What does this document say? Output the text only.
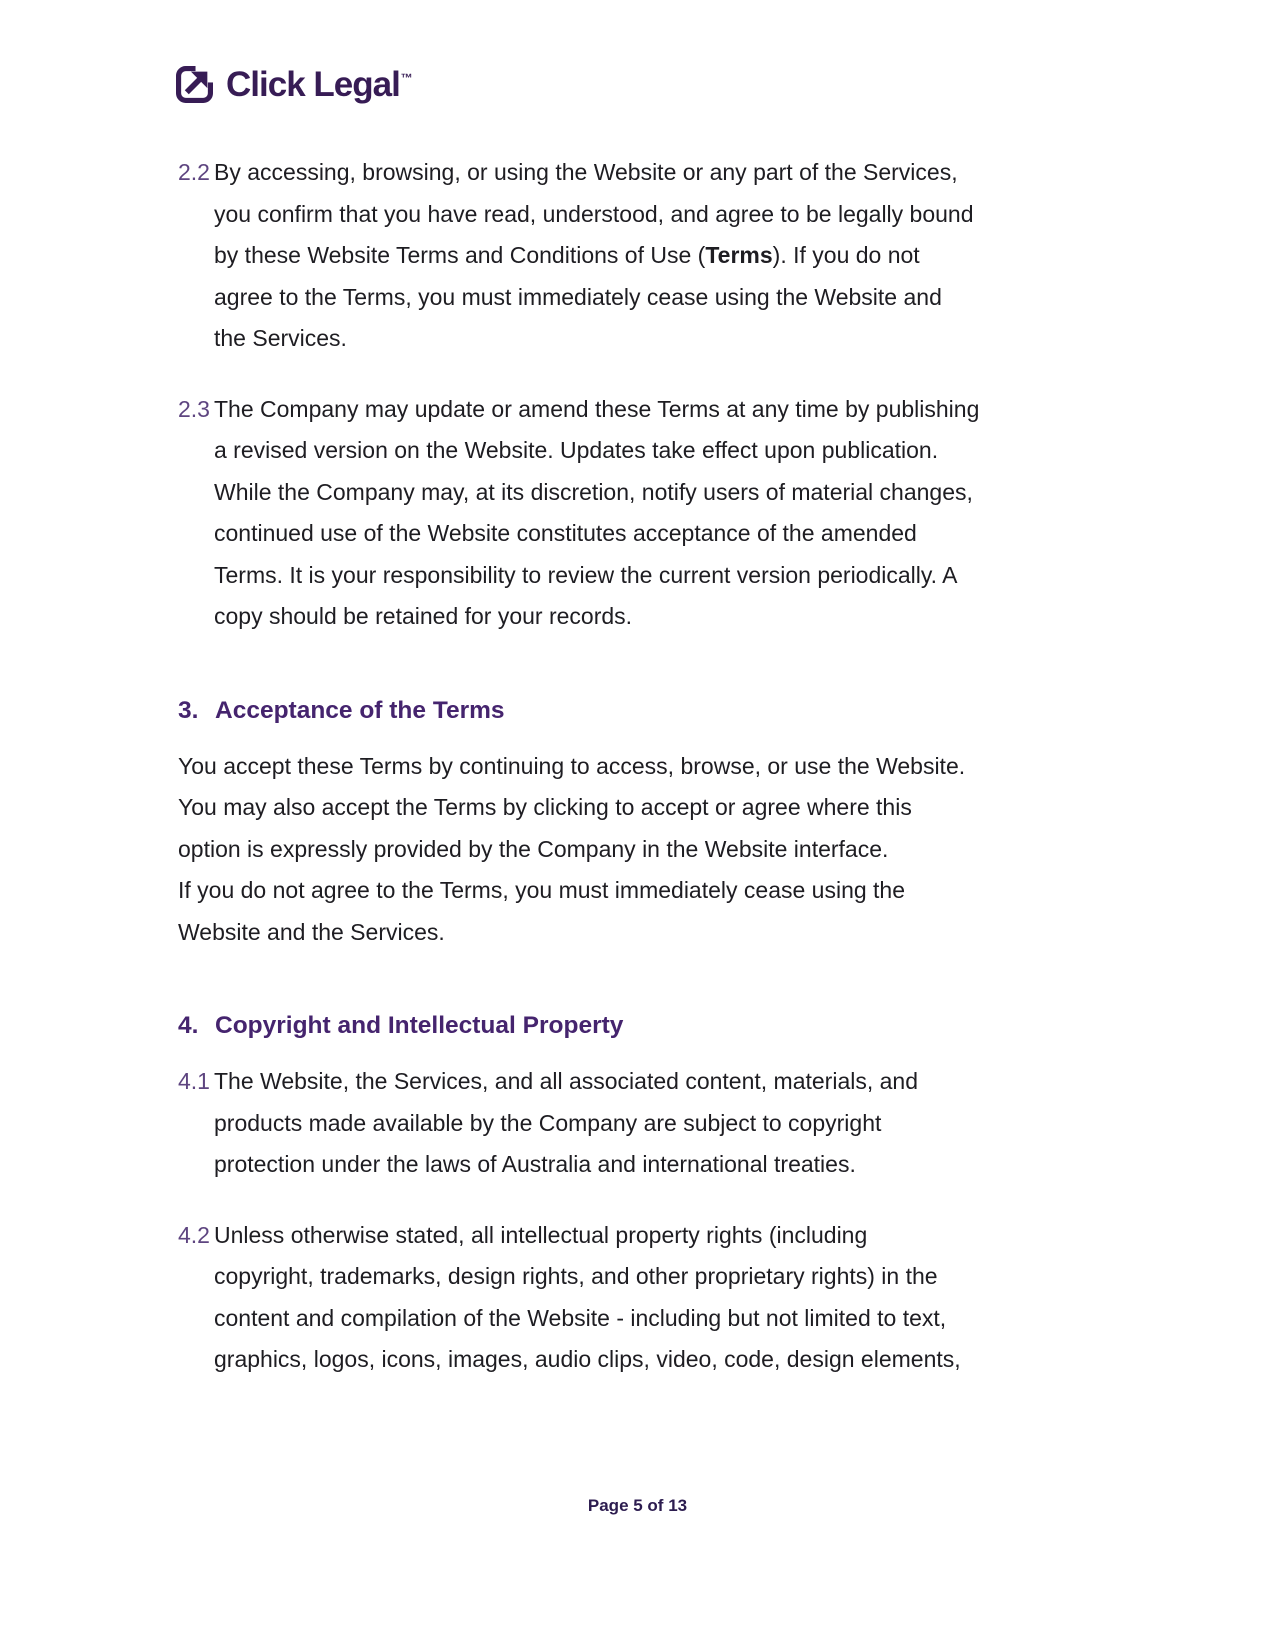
Click Legal™
2.2 By accessing, browsing, or using the Website or any part of the Services,
you confirm that you have read, understood, and agree to be legally bound
by these Website Terms and Conditions of Use (Terms). If you do not
agree to the Terms, you must immediately cease using the Website and
the Services.
2.3 The Company may update or amend these Terms at any time by publishing
a revised version on the Website. Updates take effect upon publication.
While the Company may, at its discretion, notify users of material changes,
continued use of the Website constitutes acceptance of the amended
Terms. It is your responsibility to review the current version periodically. A
copy should be retained for your records.
3. Acceptance of the Terms
You accept these Terms by continuing to access, browse, or use the Website.
You may also accept the Terms by clicking to accept or agree where this
option is expressly provided by the Company in the Website interface.
If you do not agree to the Terms, you must immediately cease using the
Website and the Services.
4. Copyright and Intellectual Property
4.1 The Website, the Services, and all associated content, materials, and
products made available by the Company are subject to copyright
protection under the laws of Australia and international treaties.
4.2 Unless otherwise stated, all intellectual property rights (including
copyright, trademarks, design rights, and other proprietary rights) in the
content and compilation of the Website - including but not limited to text,
graphics, logos, icons, images, audio clips, video, code, design elements,
Page 5 of 13
